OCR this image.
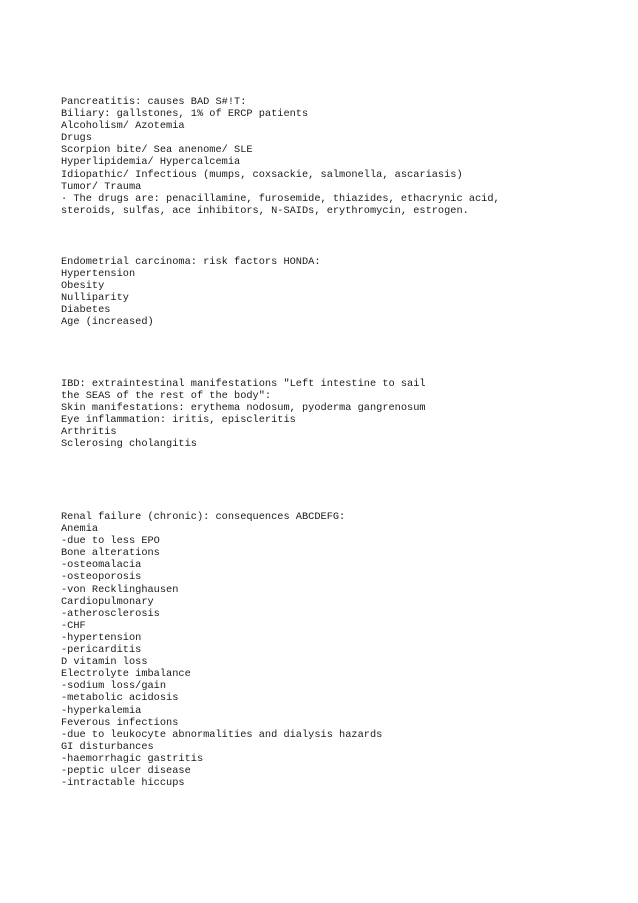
Pancreatitis: causes BAD S#!T:
Biliary: gallstones, 1% of ERCP patients
Alcoholism/ Azotemia
Drugs
Scorpion bite/ Sea anenome/ SLE
Hyperlipidemia/ Hypercalcemia
Idiopathic/ Infectious (mumps, coxsackie, salmonella, ascariasis)
Tumor/ Trauma
· The drugs are: penacillamine, furosemide, thiazides, ethacrynic acid,
steroids, sulfas, ace inhibitors, N-SAIDs, erythromycin, estrogen.
Endometrial carcinoma: risk factors HONDA:
Hypertension
Obesity
Nulliparity
Diabetes
Age (increased)
IBD: extraintestinal manifestations "Left intestine to sail
the SEAS of the rest of the body":
Skin manifestations: erythema nodosum, pyoderma gangrenosum
Eye inflammation: iritis, episcleritis
Arthritis
Sclerosing cholangitis
Renal failure (chronic): consequences ABCDEFG:
Anemia
-due to less EPO
Bone alterations
-osteomalacia
-osteoporosis
-von Recklinghausen
Cardiopulmonary
-atherosclerosis
-CHF
-hypertension
-pericarditis
D vitamin loss
Electrolyte imbalance
-sodium loss/gain
-metabolic acidosis
-hyperkalemia
Feverous infections
-due to leukocyte abnormalities and dialysis hazards
GI disturbances
-haemorrhagic gastritis
-peptic ulcer disease
-intractable hiccups
